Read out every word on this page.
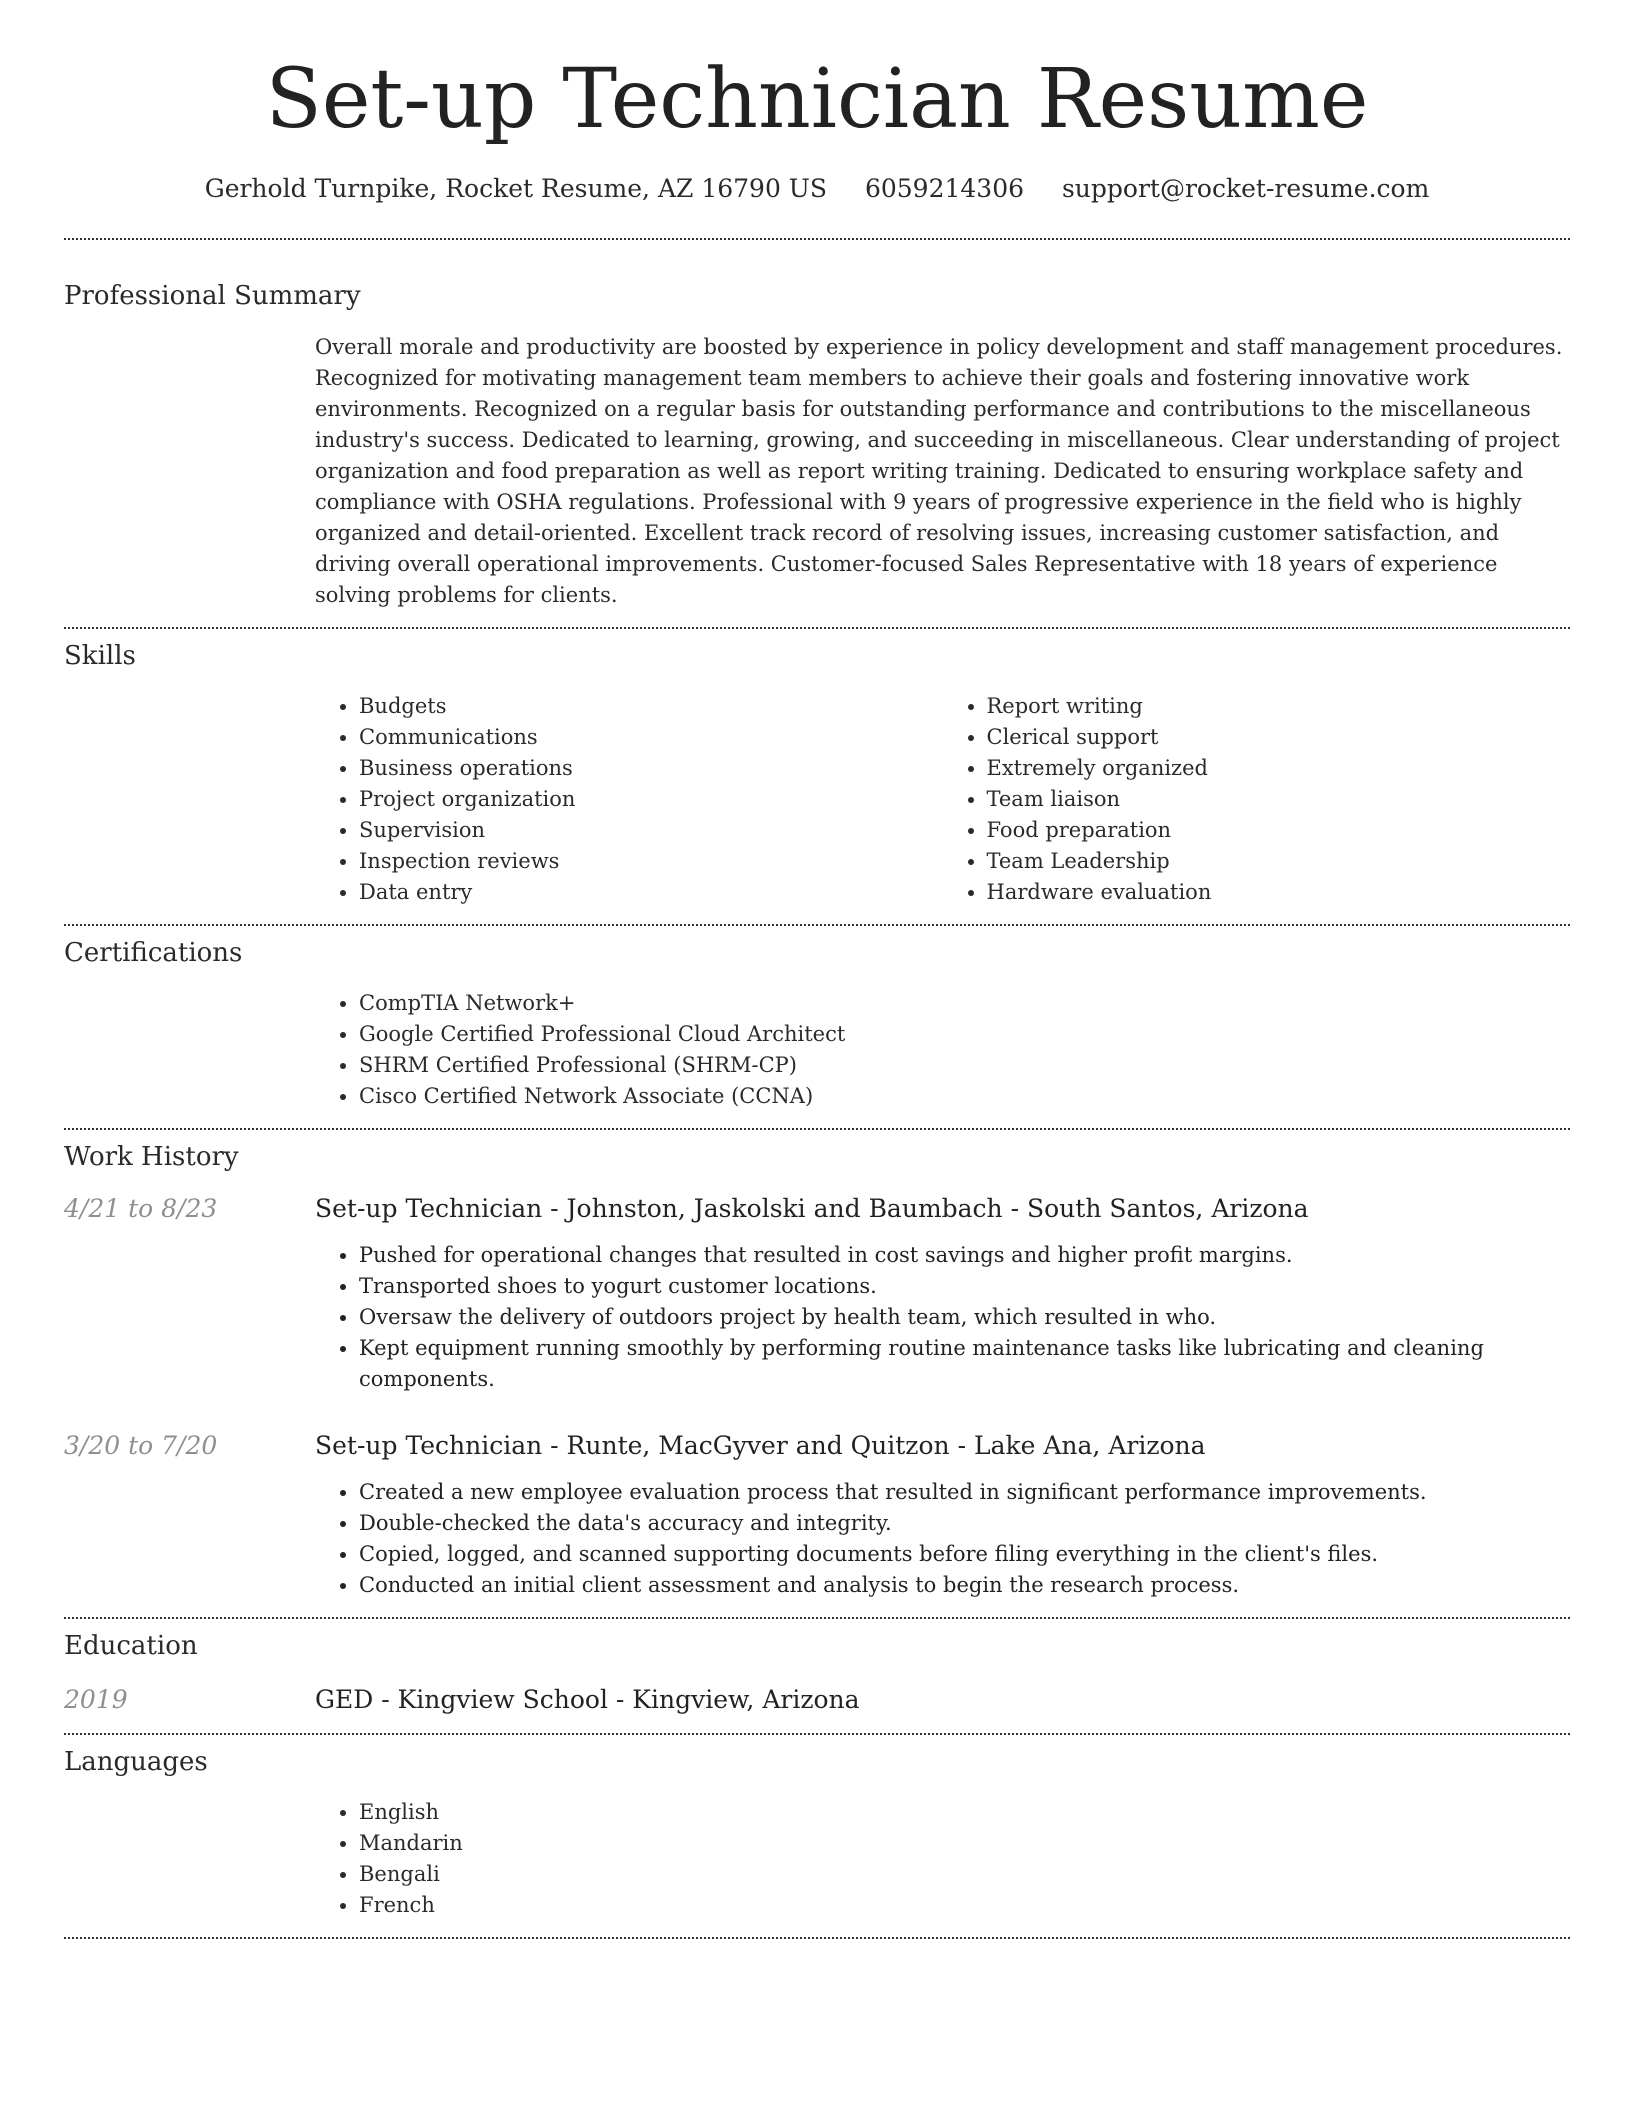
Set-up Technician Resume
Gerhold Turnpike, Rocket Resume, AZ 16790 US 6059214306 support@rocket-resume.com
Professional Summary

Overall morale and productivity are boosted by experience in policy development and staff management procedures. Recognized for motivating management team members to achieve their goals and fostering innovative work environments. Recognized on a regular basis for outstanding performance and contributions to the miscellaneous industry's success. Dedicated to learning, growing, and succeeding in miscellaneous. Clear understanding of project organization and food preparation as well as report writing training. Dedicated to ensuring workplace safety and compliance with OSHA regulations. Professional with 9 years of progressive experience in the field who is highly organized and detail-oriented. Excellent track record of resolving issues, increasing customer satisfaction, and driving overall operational improvements. Customer-focused Sales Representative with 18 years of experience solving problems for clients.

Skills
• Budgets
• Communications
• Business operations
• Project organization
• Supervision
• Inspection reviews
• Data entry
• Report writing
• Clerical support
• Extremely organized
• Team liaison
• Food preparation
• Team Leadership
• Hardware evaluation
Certifications
• CompTIA Network+
• Google Certified Professional Cloud Architect
• SHRM Certified Professional (SHRM-CP)
• Cisco Certified Network Associate (CCNA)
Work History
4/21 to 8/23	Set-up Technician - Johnston, Jaskolski and Baumbach - South Santos, Arizona
• Pushed for operational changes that resulted in cost savings and higher profit margins.
• Transported shoes to yogurt customer locations.
• Oversaw the delivery of outdoors project by health team, which resulted in who.
• Kept equipment running smoothly by performing routine maintenance tasks like lubricating and cleaning components.
3/20 to 7/20	Set-up Technician - Runte, MacGyver and Quitzon - Lake Ana, Arizona
• Created a new employee evaluation process that resulted in significant performance improvements.
• Double-checked the data's accuracy and integrity.
• Copied, logged, and scanned supporting documents before filing everything in the client's files.
• Conducted an initial client assessment and analysis to begin the research process.
Education
2019	GED - Kingview School - Kingview, Arizona
Languages
• English
• Mandarin
• Bengali
• French
